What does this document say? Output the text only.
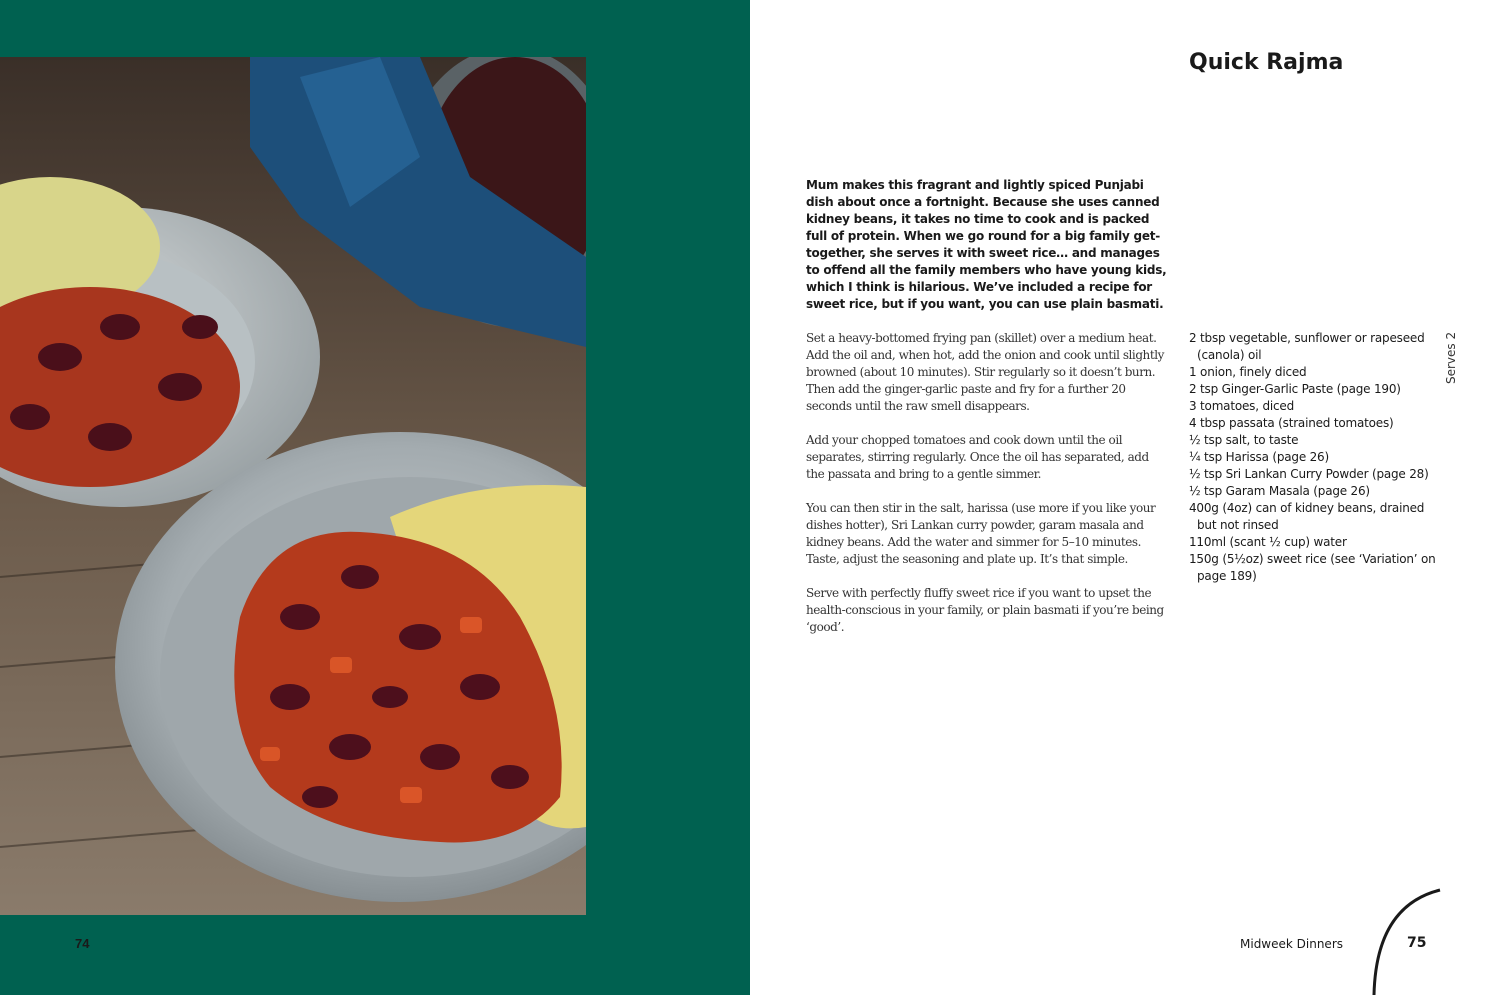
74
Quick Rajma

Mum makes this fragrant and lightly spiced Punjabi dish about once a fortnight. Because she uses canned kidney beans, it takes no time to cook and is packed full of protein. When we go round for a big family get-together, she serves it with sweet rice… and manages to offend all the family members who have young kids, which I think is hilarious. We’ve included a recipe for sweet rice, but if you want, you can use plain basmati.

Set a heavy-bottomed frying pan (skillet) over a medium heat. Add the oil and, when hot, add the onion and cook until slightly browned (about 10 minutes). Stir regularly so it doesn’t burn. Then add the ginger-garlic paste and fry for a further 20 seconds until the raw smell disappears.

Add your chopped tomatoes and cook down until the oil separates, stirring regularly. Once the oil has separated, add the passata and bring to a gentle simmer.

You can then stir in the salt, harissa (use more if you like your dishes hotter), Sri Lankan curry powder, garam masala and kidney beans. Add the water and simmer for 5–10 minutes. Taste, adjust the seasoning and plate up. It’s that simple.

Serve with perfectly fluffy sweet rice if you want to upset the health-conscious in your family, or plain basmati if you’re being ‘good’.

2 tbsp vegetable, sunflower or rapeseed (canola) oil
1 onion, finely diced
2 tsp Ginger-Garlic Paste (page 190)
3 tomatoes, diced
4 tbsp passata (strained tomatoes)
½ tsp salt, to taste
¼ tsp Harissa (page 26)
½ tsp Sri Lankan Curry Powder (page 28)
½ tsp Garam Masala (page 26)
400g (4oz) can of kidney beans, drained but not rinsed
110ml (scant ½ cup) water
150g (5½oz) sweet rice (see ‘Variation’ on page 189)
Serves 2
Midweek Dinners	75
